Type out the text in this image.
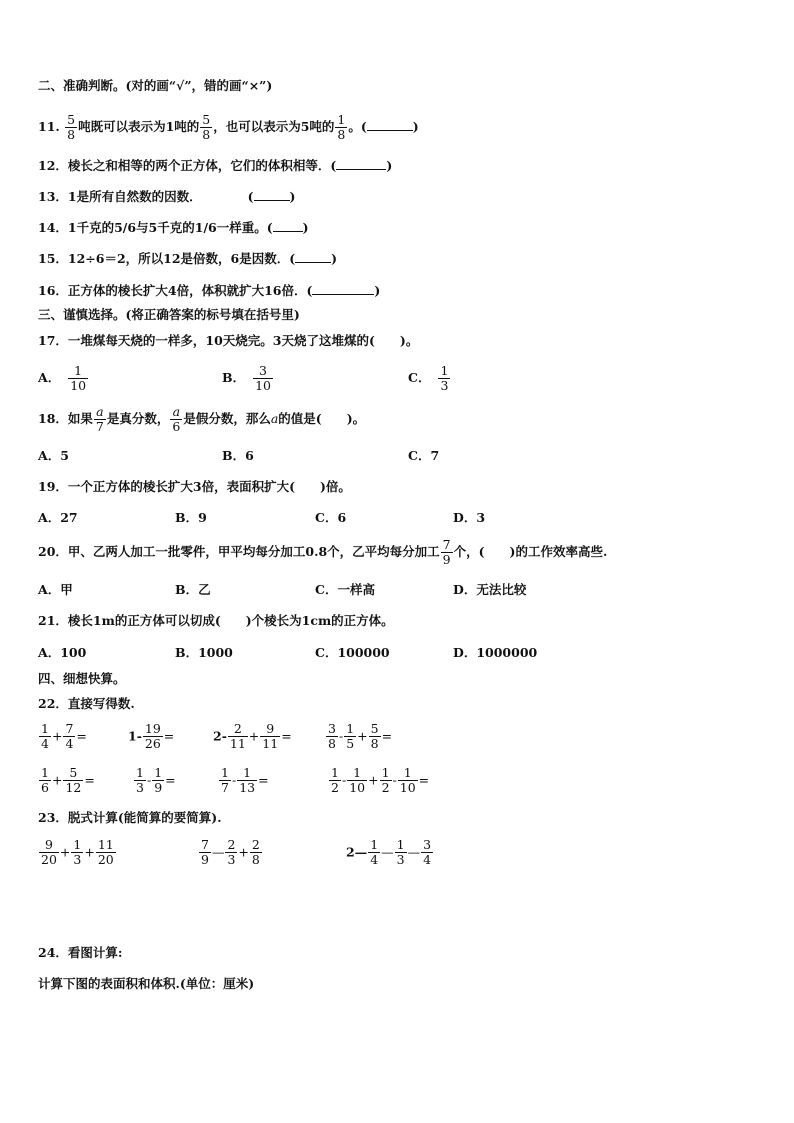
二、准确判断。(对的画“√”，错的画“×”)
11. $\frac{5}{8}$ 吨既可以表示为1吨的 $\frac{5}{8}$ ，也可以表示为5吨的 $\frac{1}{8}$ 。(	)
12．棱长之和相等的两个正方体，它们的体积相等．(	)
13．1是所有自然数的因数．	(	)
14．1千克的5/6与5千克的1/6一样重。( )
15．12÷6＝2，所以12是倍数，6是因数．(	)
16．正方体的棱长扩大4倍，体积就扩大16倍．(	)
三、谨慎选择。(将正确答案的标号填在括号里)
17．一堆煤每天烧的一样多，10天烧完。3天烧了这堆煤的(　　)。
A． $\frac{1}{10}$	B． $\frac{3}{10}$	C． $\frac{1}{3}$
18．如果 $\frac{a}{7}$ 是真分数， $\frac{a}{6}$ 是假分数，那么a的值是(　　)。
A．5	B．6	C．7
19．一个正方体的棱长扩大3倍，表面积扩大(　　)倍。
A．27	B．9	C．6	D．3
20．甲、乙两人加工一批零件，甲平均每分加工0.8个，乙平均每分加工 $\frac{7}{9}$ 个，(　　)的工作效率高些.
A．甲	B．乙	C．一样高	D．无法比较
21．棱长1m的正方体可以切成(　　)个棱长为1cm的正方体。
A．100	B．1000	C．100000	D．1000000
四、细想快算。
22．直接写得数.
$\frac{1}{4} + \frac{7}{4}$ =	$1- \frac{19}{26}$ =	$2- \frac{2}{11} + \frac{9}{11}$ =	$\frac{3}{8} - \frac{1}{5} + \frac{5}{8}$ =
$\frac{1}{6} + \frac{5}{12}$ =	$\frac{1}{3} - \frac{1}{9}$ =	$\frac{1}{7} - \frac{1}{13}$ =	$\frac{1}{2} - \frac{1}{10} + \frac{1}{2} - \frac{1}{10}$ =
23．脱式计算(能简算的要简算).
$\frac{9}{20} + \frac{1}{3} + \frac{11}{20}$	$\frac{7}{9}$ — $\frac{2}{3} + \frac{2}{8}$	2— $\frac{1}{4}$ — $\frac{1}{3}$ — $\frac{3}{4}$
24．看图计算:
计算下图的表面积和体积.(单位：厘米)
